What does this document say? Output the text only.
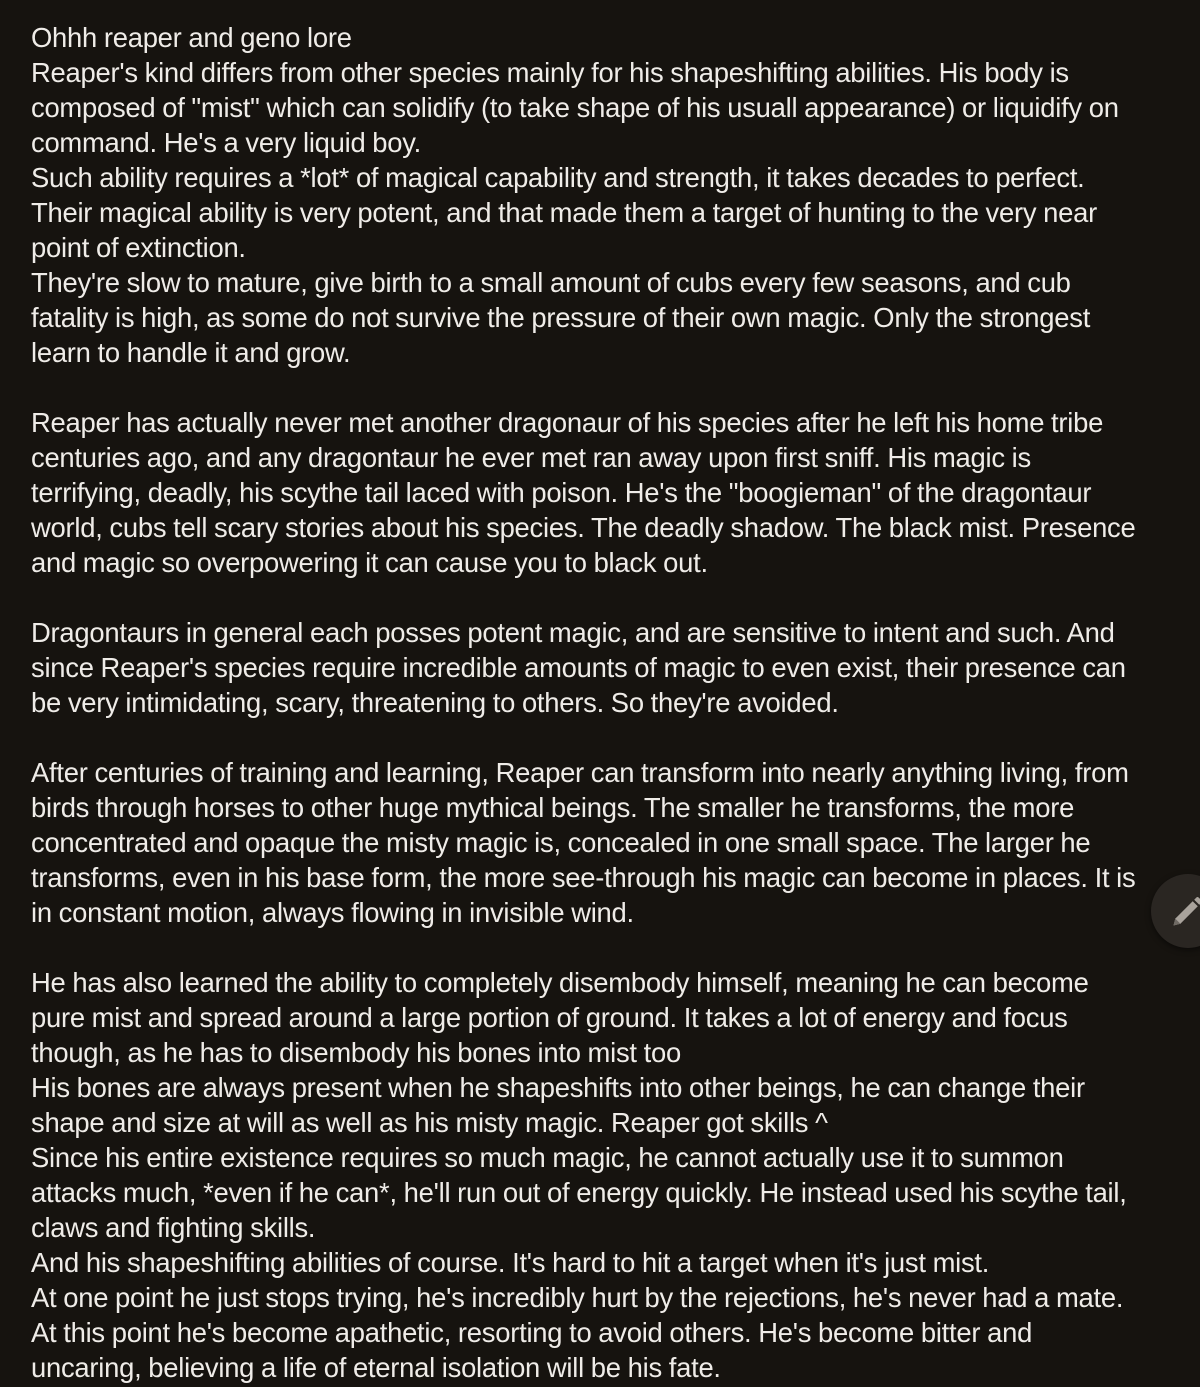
Ohhh reaper and geno lore
Reaper's kind differs from other species mainly for his shapeshifting abilities. His body is
composed of "mist" which can solidify (to take shape of his usuall appearance) or liquidify on
command. He's a very liquid boy.
Such ability requires a *lot* of magical capability and strength, it takes decades to perfect.
Their magical ability is very potent, and that made them a target of hunting to the very near
point of extinction.
They're slow to mature, give birth to a small amount of cubs every few seasons, and cub
fatality is high, as some do not survive the pressure of their own magic. Only the strongest
learn to handle it and grow.
Reaper has actually never met another dragonaur of his species after he left his home tribe
centuries ago, and any dragontaur he ever met ran away upon first sniff. His magic is
terrifying, deadly, his scythe tail laced with poison. He's the "boogieman" of the dragontaur
world, cubs tell scary stories about his species. The deadly shadow. The black mist. Presence
and magic so overpowering it can cause you to black out.
Dragontaurs in general each posses potent magic, and are sensitive to intent and such. And
since Reaper's species require incredible amounts of magic to even exist, their presence can
be very intimidating, scary, threatening to others. So they're avoided.
After centuries of training and learning, Reaper can transform into nearly anything living, from
birds through horses to other huge mythical beings. The smaller he transforms, the more
concentrated and opaque the misty magic is, concealed in one small space. The larger he
transforms, even in his base form, the more see-through his magic can become in places. It is
in constant motion, always flowing in invisible wind.
He has also learned the ability to completely disembody himself, meaning he can become
pure mist and spread around a large portion of ground. It takes a lot of energy and focus
though, as he has to disembody his bones into mist too
His bones are always present when he shapeshifts into other beings, he can change their
shape and size at will as well as his misty magic. Reaper got skills ^
Since his entire existence requires so much magic, he cannot actually use it to summon
attacks much, *even if he can*, he'll run out of energy quickly. He instead used his scythe tail,
claws and fighting skills.
And his shapeshifting abilities of course. It's hard to hit a target when it's just mist.
At one point he just stops trying, he's incredibly hurt by the rejections, he's never had a mate.
At this point he's become apathetic, resorting to avoid others. He's become bitter and
uncaring, believing a life of eternal isolation will be his fate.
